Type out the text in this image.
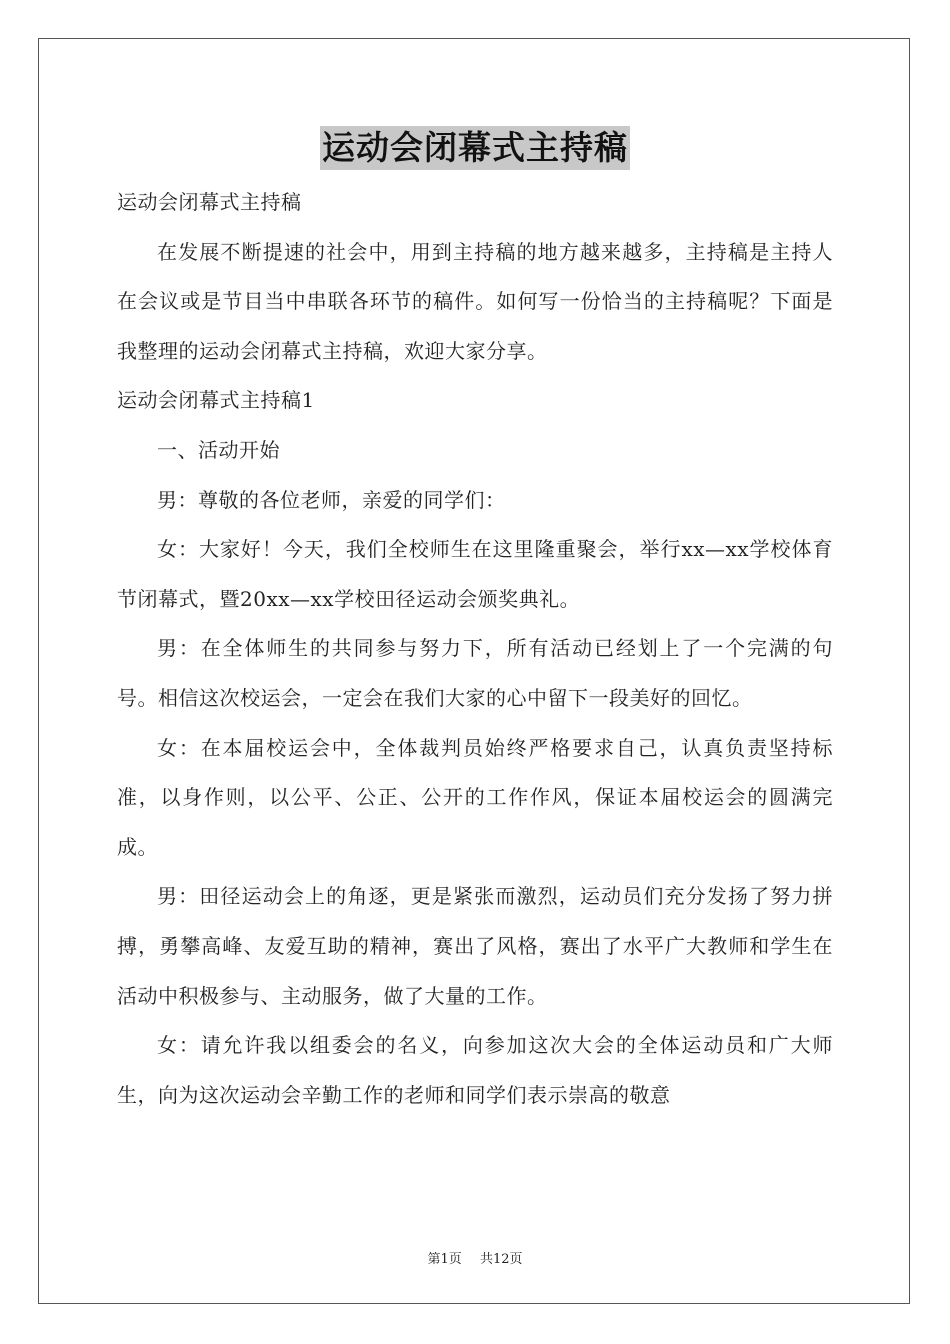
运动会闭幕式主持稿

运动会闭幕式主持稿

在发展不断提速的社会中，用到主持稿的地方越来越多，主持稿是主持人在会议或是节目当中串联各环节的稿件。如何写一份恰当的主持稿呢？下面是我整理的运动会闭幕式主持稿，欢迎大家分享。

运动会闭幕式主持稿1

一、活动开始

男：尊敬的各位老师，亲爱的同学们：

女：大家好！今天，我们全校师生在这里隆重聚会，举行xx—xx学校体育节闭幕式，暨20xx—xx学校田径运动会颁奖典礼。

男：在全体师生的共同参与努力下，所有活动已经划上了一个完满的句号。相信这次校运会，一定会在我们大家的心中留下一段美好的回忆。

女：在本届校运会中，全体裁判员始终严格要求自己，认真负责坚持标准，以身作则，以公平、公正、公开的工作作风，保证本届校运会的圆满完成。

男：田径运动会上的角逐，更是紧张而激烈，运动员们充分发扬了努力拼搏，勇攀高峰、友爱互助的精神，赛出了风格，赛出了水平广大教师和学生在活动中积极参与、主动服务，做了大量的工作。

女：请允许我以组委会的名义，向参加这次大会的全体运动员和广大师生，向为这次运动会辛勤工作的老师和同学们表示崇高的敬意

第1页 共12页
